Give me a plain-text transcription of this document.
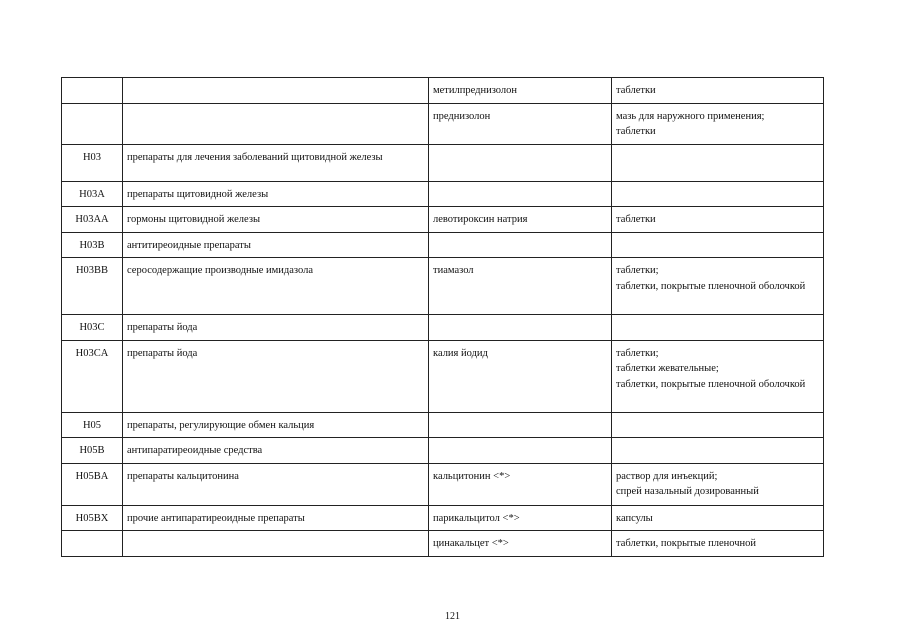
		метилпреднизолон	таблетки

		преднизолон	мазь для наружного применения;
таблетки

H03	препараты для лечения заболеваний щитовидной железы		
H03A	препараты щитовидной железы		
H03AA	гормоны щитовидной железы	левотироксин натрия	таблетки

H03B	антитиреоидные препараты		
H03BB	серосодержащие производные имидазола	тиамазол	таблетки;
таблетки, покрытые пленочной оболочкой

H03C	препараты йода		
H03CA	препараты йода	калия йодид	таблетки;
таблетки жевательные;
таблетки, покрытые пленочной оболочкой

H05	препараты, регулирующие обмен кальция		
H05B	антипаратиреоидные средства		
H05BA	препараты кальцитонина	кальцитонин <*>	раствор для инъекций;
спрей назальный дозированный

H05BX	прочие антипаратиреоидные препараты	парикальцитол <*>	капсулы

		цинакальцет <*>	таблетки, покрытые пленочной
121
